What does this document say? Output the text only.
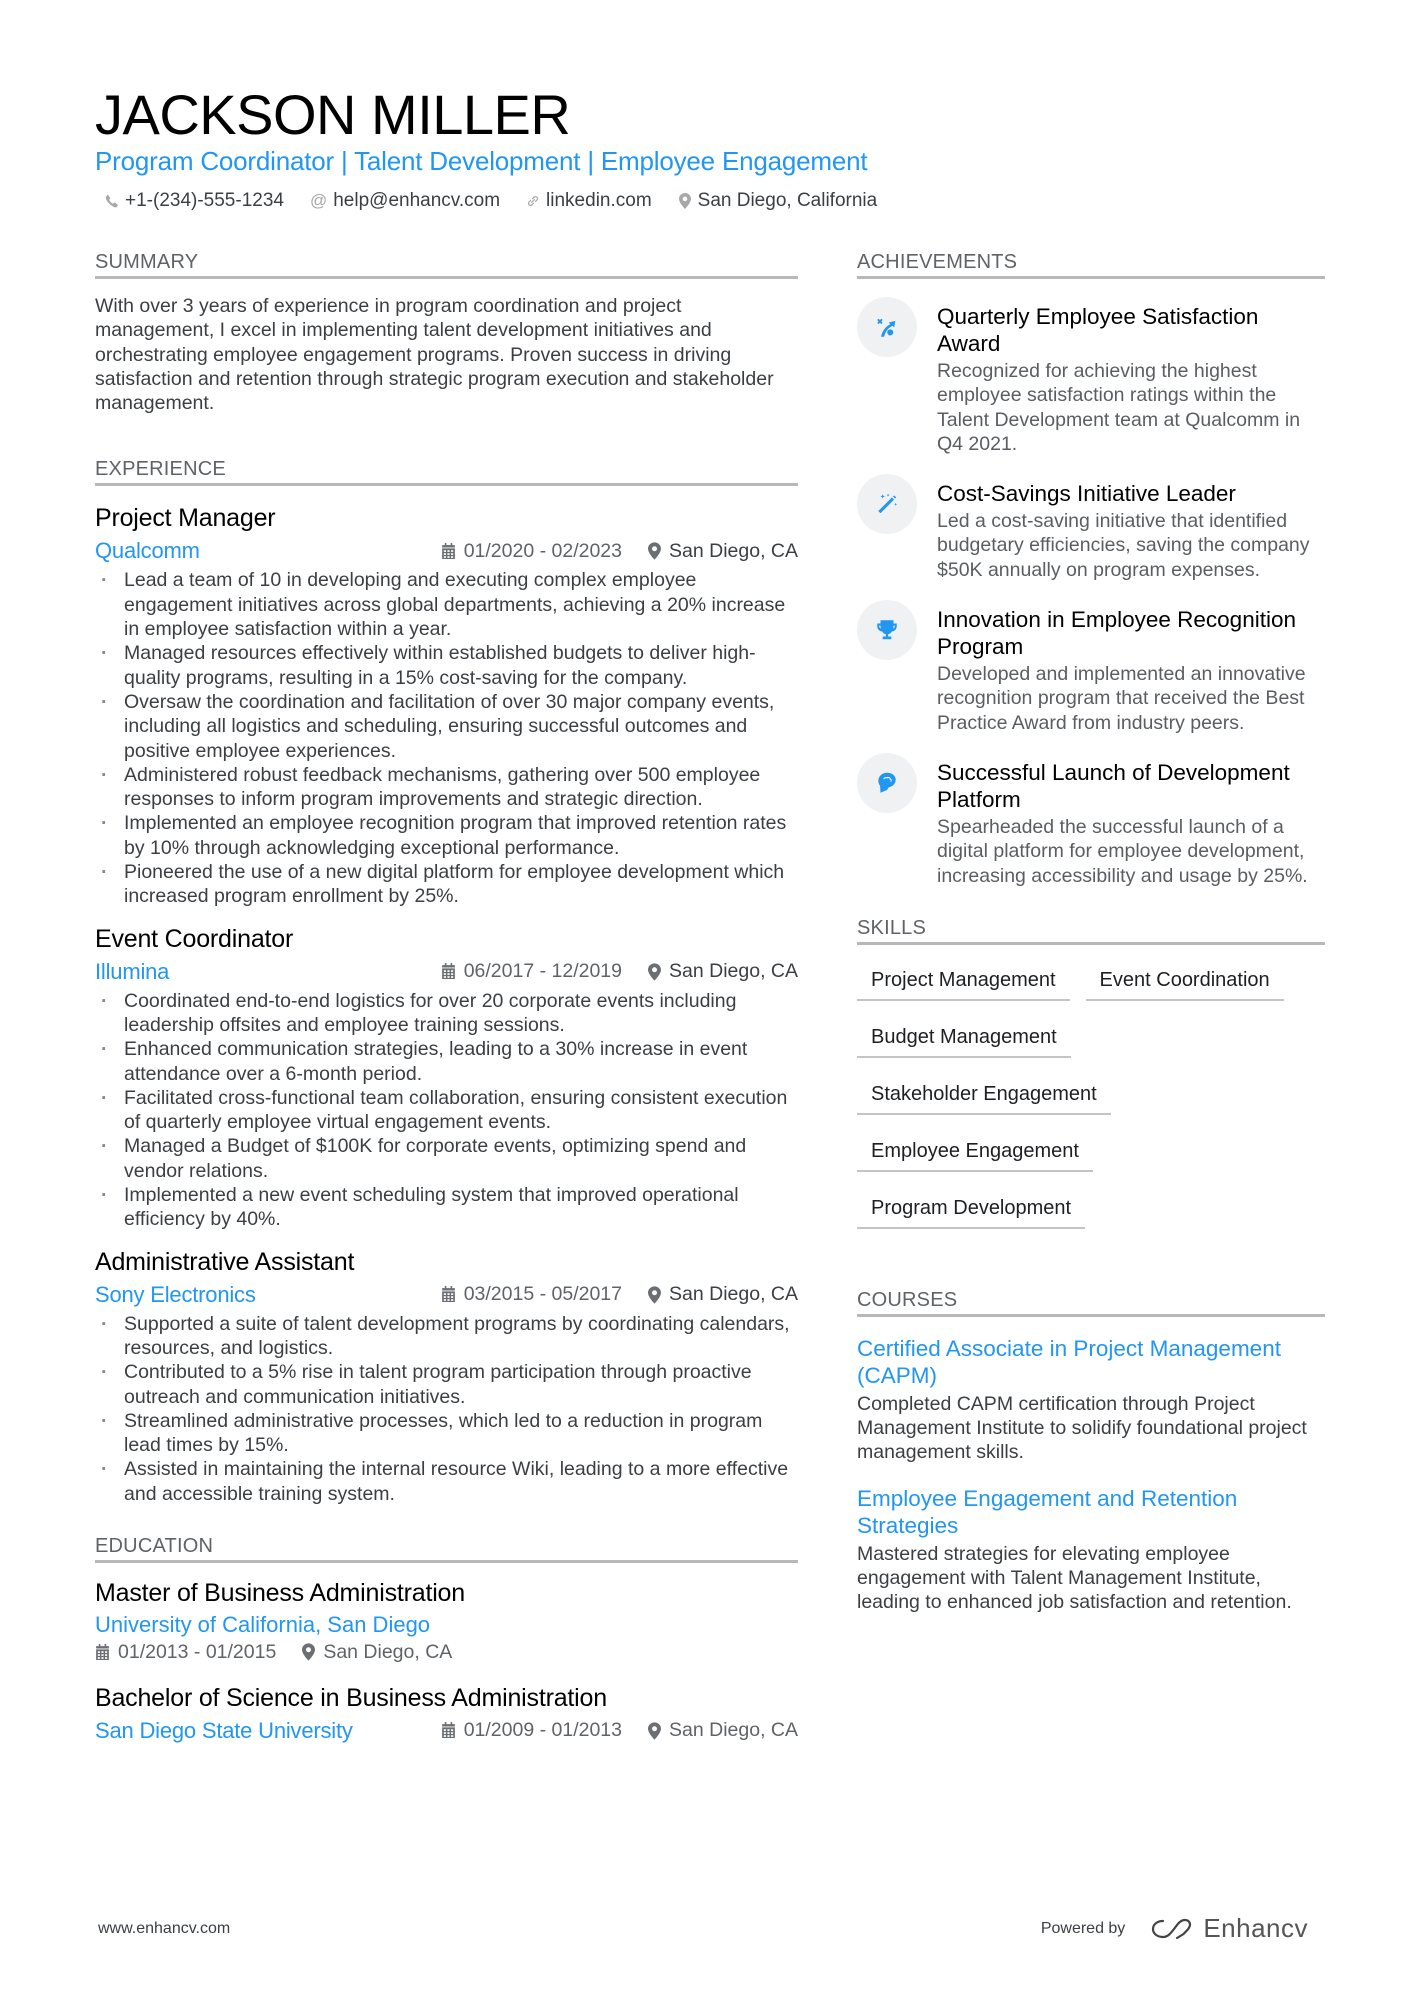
JACKSON MILLER
Program Coordinator | Talent Development | Employee Engagement
+1-(234)-555-1234 @ help@enhancv.com linkedin.com San Diego, California
SUMMARY
With over 3 years of experience in program coordination and project management, I excel in implementing talent development initiatives and orchestrating employee engagement programs. Proven success in driving satisfaction and retention through strategic program execution and stakeholder management.
EXPERIENCE
Project Manager
Qualcomm	01/2020 - 02/2023 San Diego, CA
· Lead a team of 10 in developing and executing complex employee engagement initiatives across global departments, achieving a 20% increase in employee satisfaction within a year.
· Managed resources effectively within established budgets to deliver high-quality programs, resulting in a 15% cost-saving for the company.
· Oversaw the coordination and facilitation of over 30 major company events, including all logistics and scheduling, ensuring successful outcomes and positive employee experiences.
· Administered robust feedback mechanisms, gathering over 500 employee responses to inform program improvements and strategic direction.
· Implemented an employee recognition program that improved retention rates by 10% through acknowledging exceptional performance.
· Pioneered the use of a new digital platform for employee development which increased program enrollment by 25%.
Event Coordinator
Illumina	06/2017 - 12/2019 San Diego, CA
· Coordinated end-to-end logistics for over 20 corporate events including leadership offsites and employee training sessions.
· Enhanced communication strategies, leading to a 30% increase in event attendance over a 6-month period.
· Facilitated cross-functional team collaboration, ensuring consistent execution of quarterly employee virtual engagement events.
· Managed a Budget of $100K for corporate events, optimizing spend and vendor relations.
· Implemented a new event scheduling system that improved operational efficiency by 40%.
Administrative Assistant
Sony Electronics	03/2015 - 05/2017 San Diego, CA
· Supported a suite of talent development programs by coordinating calendars, resources, and logistics.
· Contributed to a 5% rise in talent program participation through proactive outreach and communication initiatives.
· Streamlined administrative processes, which led to a reduction in program lead times by 15%.
· Assisted in maintaining the internal resource Wiki, leading to a more effective and accessible training system.
EDUCATION
Master of Business Administration
University of California, San Diego
01/2013 - 01/2015 San Diego, CA
Bachelor of Science in Business Administration
San Diego State University	01/2009 - 01/2013 San Diego, CA
ACHIEVEMENTS
Quarterly Employee Satisfaction Award
Recognized for achieving the highest employee satisfaction ratings within the Talent Development team at Qualcomm in Q4 2021.
Cost-Savings Initiative Leader
Led a cost-saving initiative that identified budgetary efficiencies, saving the company $50K annually on program expenses.
Innovation in Employee Recognition Program
Developed and implemented an innovative recognition program that received the Best Practice Award from industry peers.
Successful Launch of Development Platform
Spearheaded the successful launch of a digital platform for employee development, increasing accessibility and usage by 25%.
SKILLS
Project Management	Event Coordination
Budget Management
Stakeholder Engagement
Employee Engagement
Program Development
COURSES
Certified Associate in Project Management (CAPM)
Completed CAPM certification through Project Management Institute to solidify foundational project management skills.
Employee Engagement and Retention Strategies
Mastered strategies for elevating employee engagement with Talent Management Institute, leading to enhanced job satisfaction and retention.
www.enhancv.com	Powered by	Enhancv
